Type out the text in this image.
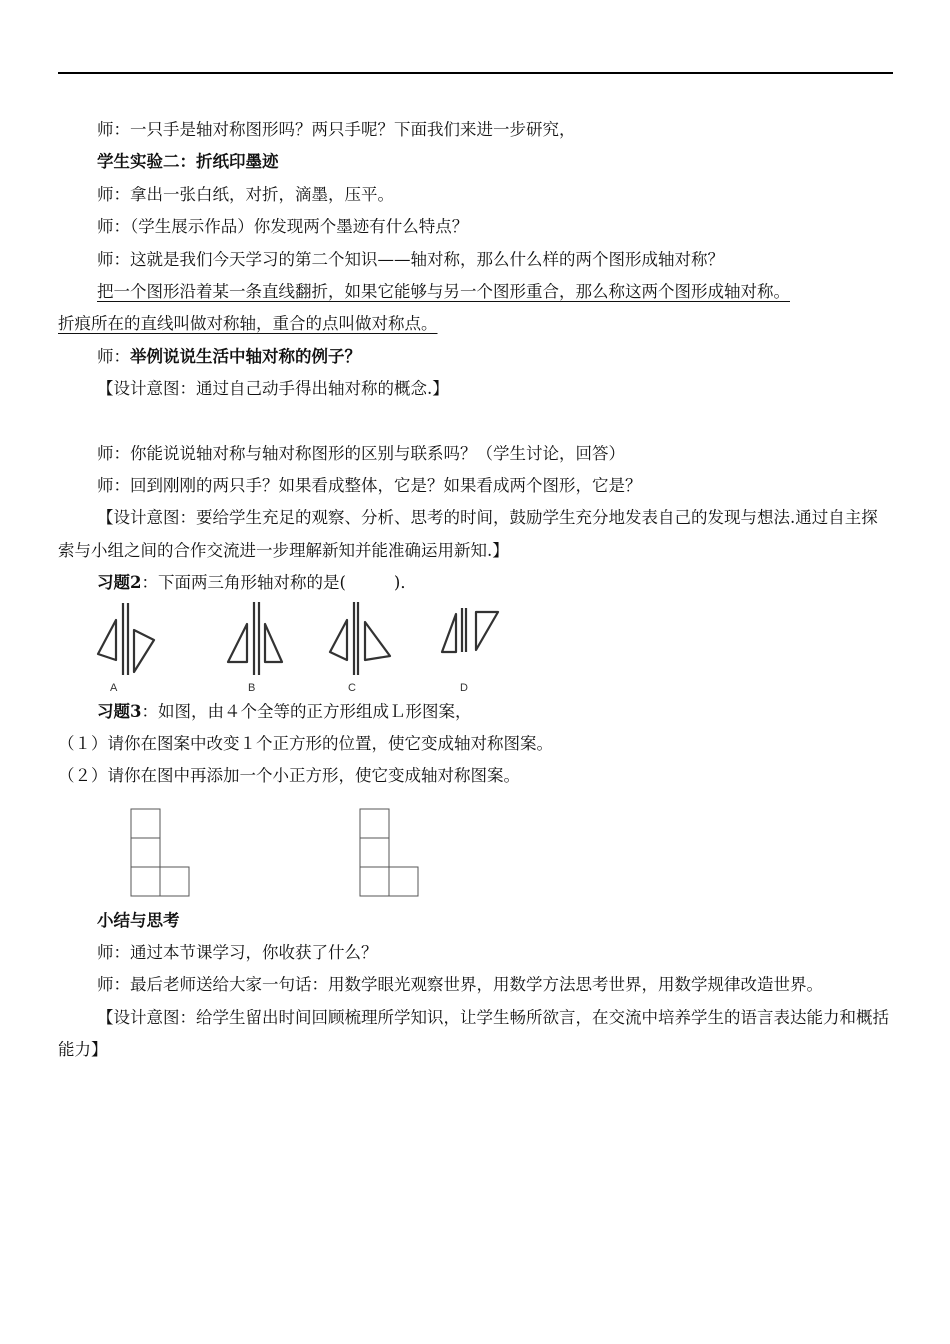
师：一只手是轴对称图形吗？两只手呢？下面我们来进一步研究，
学生实验二：折纸印墨迹
师：拿出一张白纸，对折，滴墨，压平。
师：（学生展示作品）你发现两个墨迹有什么特点？
师：这就是我们今天学习的第二个知识——轴对称，那么什么样的两个图形成轴对称？
把一个图形沿着某一条直线翻折，如果它能够与另一个图形重合，那么称这两个图形成轴对称。
折痕所在的直线叫做对称轴，重合的点叫做对称点。
师：举例说说生活中轴对称的例子？
【设计意图：通过自己动手得出轴对称的概念.】
师：你能说说轴对称与轴对称图形的区别与联系吗？（学生讨论，回答）
师：回到刚刚的两只手？如果看成整体，它是？如果看成两个图形，它是？
【设计意图：要给学生充足的观察、分析、思考的时间，鼓励学生充分地发表自己的发现与想法.通过自主探索与小组之间的合作交流进一步理解新知并能准确运用新知.】
习题2：下面两三角形轴对称的是(	)．
A	B	C	D
习题3：如图，由４个全等的正方形组成Ｌ形图案，
（１）请你在图案中改变１个正方形的位置，使它变成轴对称图案。
（２）请你在图中再添加一个小正方形，使它变成轴对称图案。
小结与思考
师：通过本节课学习，你收获了什么？
师：最后老师送给大家一句话：用数学眼光观察世界，用数学方法思考世界，用数学规律改造世界。
【设计意图：给学生留出时间回顾梳理所学知识，让学生畅所欲言，在交流中培养学生的语言表达能力和概括能力】
